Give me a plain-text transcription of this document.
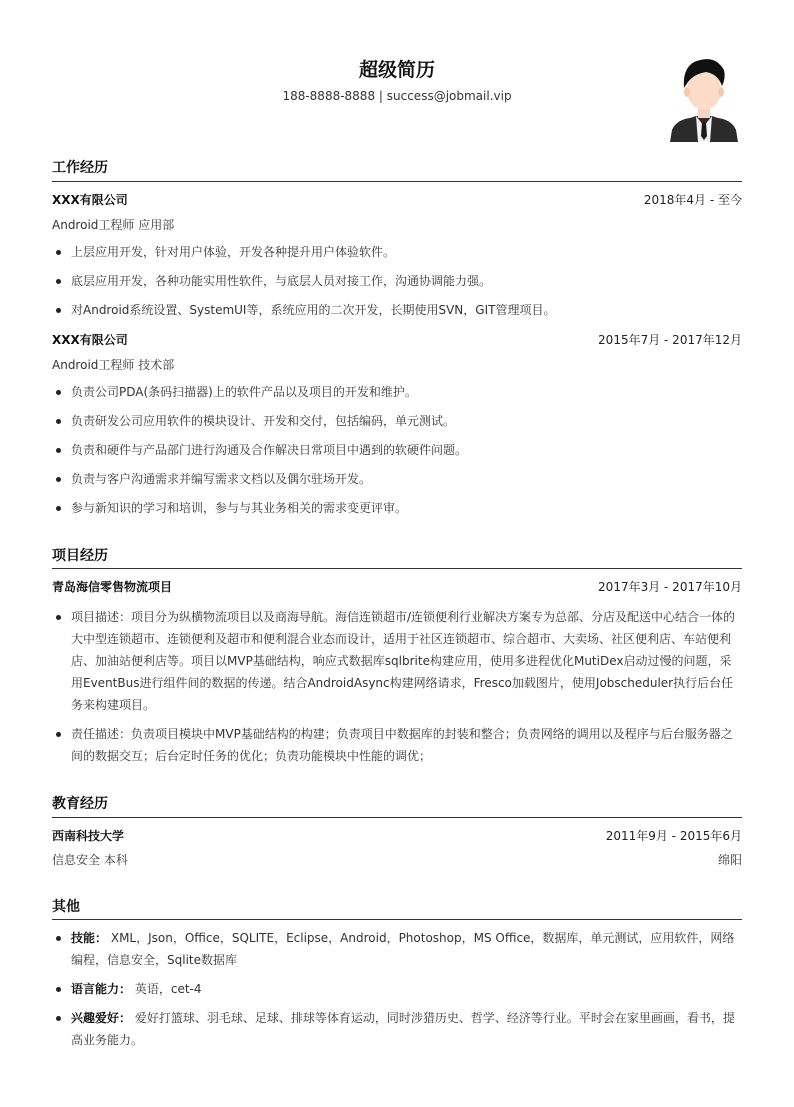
超级简历
188-8888-8888 | success@jobmail.vip
工作经历
XXX有限公司	2018年4月 - 至今
Android工程师 应用部
上层应用开发，针对用户体验，开发各种提升用户体验软件。
底层应用开发，各种功能实用性软件，与底层人员对接工作，沟通协调能力强。
对Android系统设置、SystemUI等，系统应用的二次开发，长期使用SVN，GIT管理项目。
XXX有限公司	2015年7月 - 2017年12月
Android工程师 技术部
负责公司PDA(条码扫描器)上的软件产品以及项目的开发和维护。
负责研发公司应用软件的模块设计、开发和交付，包括编码，单元测试。
负责和硬件与产品部门进行沟通及合作解决日常项目中遇到的软硬件问题。
负责与客户沟通需求并编写需求文档以及偶尔驻场开发。
参与新知识的学习和培训，参与与其业务相关的需求变更评审。
项目经历
青岛海信零售物流项目	2017年3月 - 2017年10月
项目描述：项目分为纵横物流项目以及商海导航。海信连锁超市/连锁便利行业解决方案专为总部、分店及配送中心结合一体的大中型连锁超市、连锁便利及超市和便利混合业态而设计，适用于社区连锁超市、综合超市、大卖场、社区便利店、车站便利店、加油站便利店等。项目以MVP基础结构，响应式数据库sqlbrite构建应用，使用多进程优化MutiDex启动过慢的问题，采用EventBus进行组件间的数据的传递。结合AndroidAsync构建网络请求，Fresco加载图片，使用Jobscheduler执行后台任务来构建项目。
责任描述：负责项目模块中MVP基础结构的构建；负责项目中数据库的封装和整合；负责网络的调用以及程序与后台服务器之间的数据交互；后台定时任务的优化；负责功能模块中性能的调优；
教育经历
西南科技大学	2011年9月 - 2015年6月
信息安全 本科	绵阳
其他
技能： XML，Json，Office，SQLITE，Eclipse，Android，Photoshop，MS Office，数据库，单元测试，应用软件，网络编程，信息安全，Sqlite数据库
语言能力： 英语，cet-4
兴趣爱好： 爱好打篮球、羽毛球、足球、排球等体育运动，同时涉猎历史、哲学、经济等行业。平时会在家里画画，看书，提高业务能力。
